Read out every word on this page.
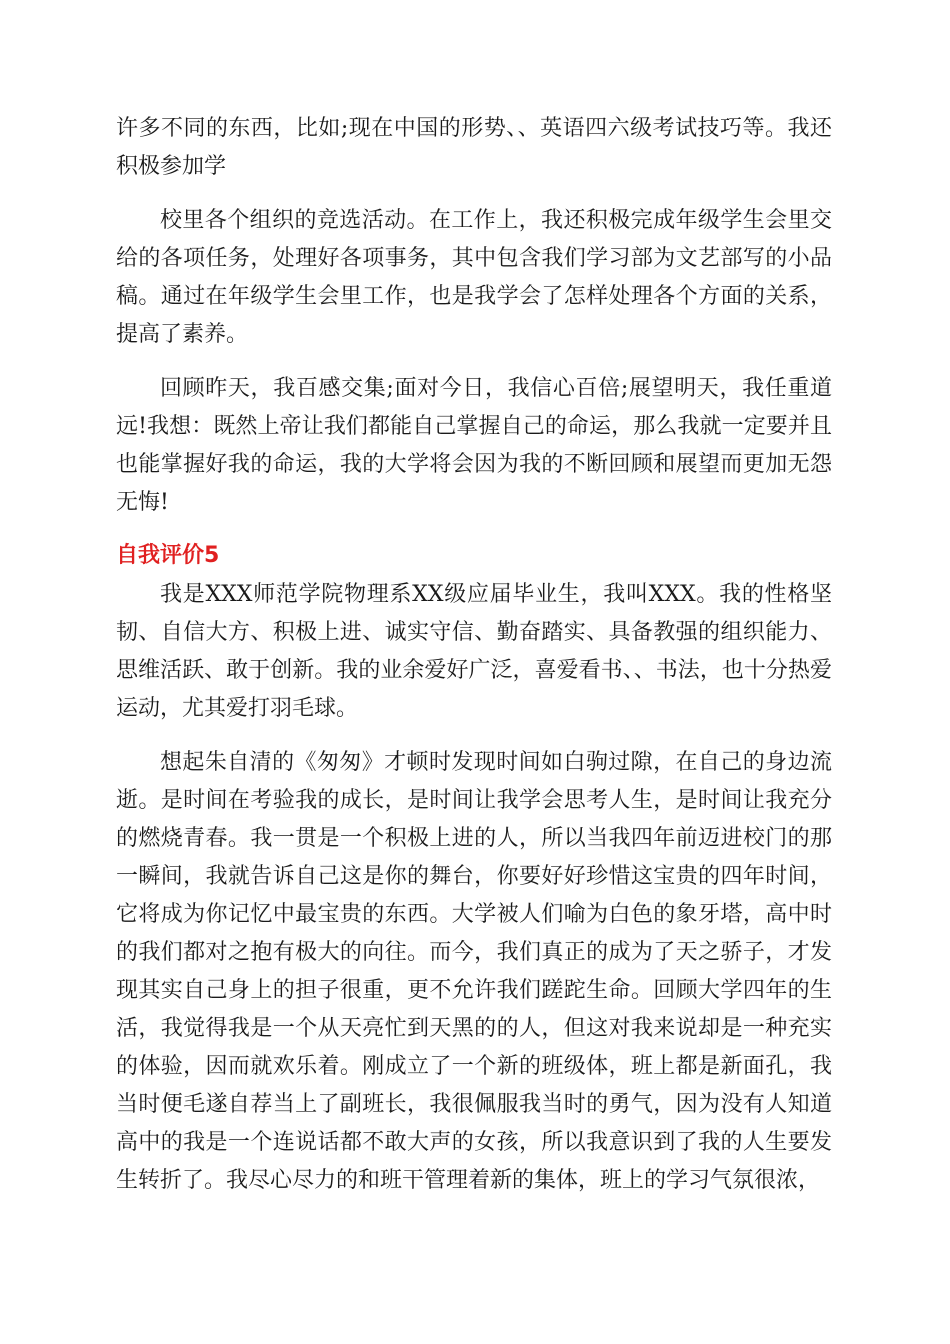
许多不同的东西，比如;现在中国的形势、、英语四六级考试技巧等。我还积极参加学

校里各个组织的竞选活动。在工作上，我还积极完成年级学生会里交给的各项任务，处理好各项事务，其中包含我们学习部为文艺部写的小品稿。通过在年级学生会里工作，也是我学会了怎样处理各个方面的关系，提高了素养。

回顾昨天，我百感交集;面对今日，我信心百倍;展望明天，我任重道远!我想：既然上帝让我们都能自己掌握自己的命运，那么我就一定要并且也能掌握好我的命运，我的大学将会因为我的不断回顾和展望而更加无怨无悔!

自我评价5

我是XXX师范学院物理系XX级应届毕业生，我叫XXX。我的性格坚韧、自信大方、积极上进、诚实守信、勤奋踏实、具备教强的组织能力、思维活跃、敢于创新。我的业余爱好广泛，喜爱看书、、书法，也十分热爱运动，尤其爱打羽毛球。

想起朱自清的《匆匆》才顿时发现时间如白驹过隙，在自己的身边流逝。是时间在考验我的成长，是时间让我学会思考人生，是时间让我充分的燃烧青春。我一贯是一个积极上进的人，所以当我四年前迈进校门的那一瞬间，我就告诉自己这是你的舞台，你要好好珍惜这宝贵的四年时间，它将成为你记忆中最宝贵的东西。大学被人们喻为白色的象牙塔，高中时的我们都对之抱有极大的向往。而今，我们真正的成为了天之骄子，才发现其实自己身上的担子很重，更不允许我们蹉跎生命。回顾大学四年的生活，我觉得我是一个从天亮忙到天黑的的人，但这对我来说却是一种充实的体验，因而就欢乐着。刚成立了一个新的班级体，班上都是新面孔，我当时便毛遂自荐当上了副班长，我很佩服我当时的勇气，因为没有人知道高中的我是一个连说话都不敢大声的女孩，所以我意识到了我的人生要发生转折了。我尽心尽力的和班干管理着新的集体，班上的学习气氛很浓，
